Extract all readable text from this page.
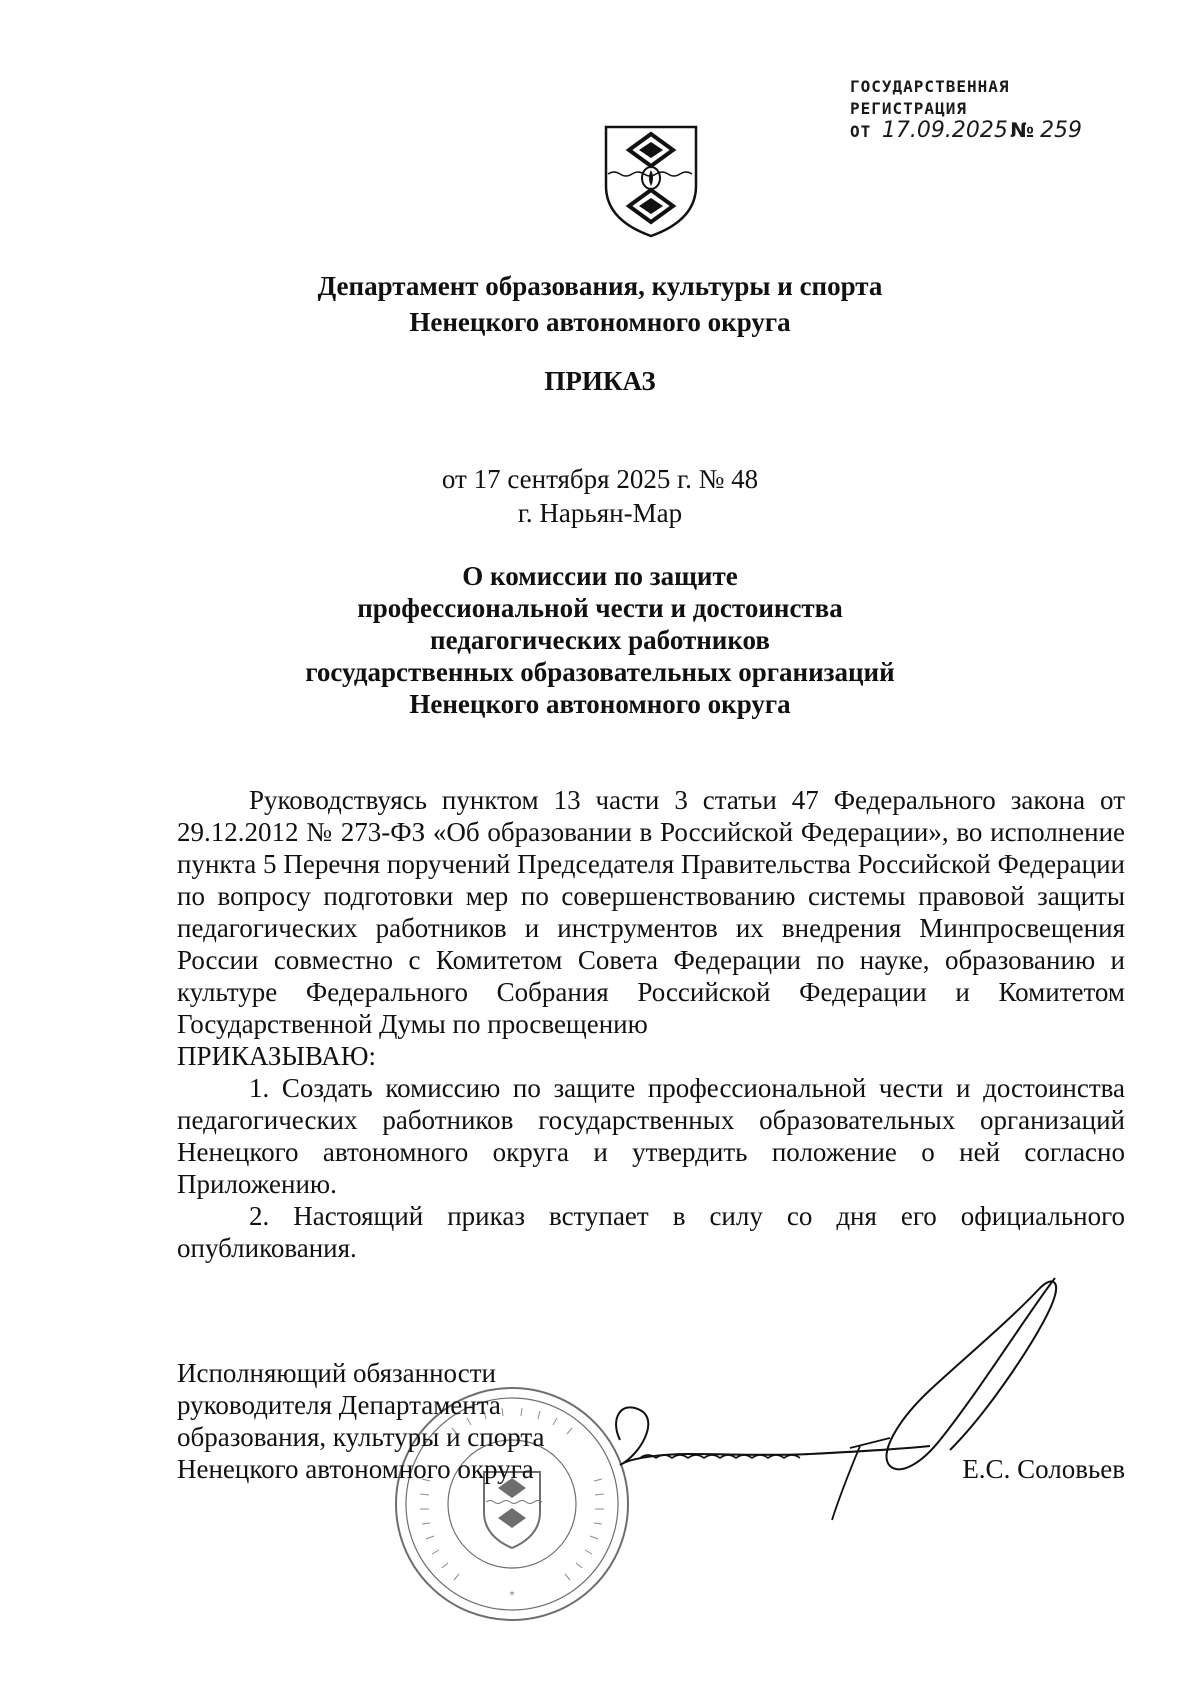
ГОСУДАРСТВЕННАЯ
РЕГИСТРАЦИЯ
ОТ 17.09.2025 № 259
Департамент образования, культуры и спорта
Ненецкого автономного округа
ПРИКАЗ
от 17 сентября 2025 г. № 48
г. Нарьян-Мар
О комиссии по защите
профессиональной чести и достоинства
педагогических работников
государственных образовательных организаций
Ненецкого автономного округа

Руководствуясь пунктом 13 части 3 статьи 47 Федерального закона от 29.12.2012 № 273-ФЗ «Об образовании в Российской Федерации», во исполнение пункта 5 Перечня поручений Председателя Правительства Российской Федерации по вопросу подготовки мер по совершенствованию системы правовой защиты педагогических работников и инструментов их внедрения Минпросвещения России совместно с Комитетом Совета Федерации по науке, образованию и культуре Федерального Собрания Российской Федерации и Комитетом Государственной Думы по просвещению

ПРИКАЗЫВАЮ:

1. Создать комиссию по защите профессиональной чести и достоинства педагогических работников государственных образовательных организаций Ненецкого автономного округа и утвердить положение о ней согласно Приложению.

2. Настоящий приказ вступает в силу со дня его официального опубликования.

*
Исполняющий обязанности
руководителя Департамента
образования, культуры и спорта
Ненецкого автономного округа	Е.С. Соловьев
